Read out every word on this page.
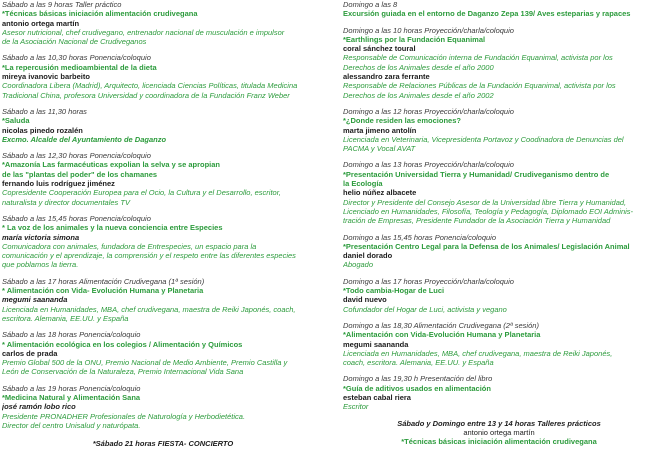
Sábado a las 9 horas Taller práctico
*Técnicas básicas iniciación alimentación crudivegana
antonio ortega martín
Asesor nutricional, chef crudivegano, entrenador nacional de musculación e impulsor
de la Asociación Nacional de Crudiveganos
Sábado a las 10,30 horas Ponencia/coloquio
*La repercusión medioambiental de la dieta
mireya ivanovic barbeito
Coordinadora Libera (Madrid), Arquitecto, licenciada Ciencias Políticas, titulada Medicina
Tradicional China, profesora Universidad y coordinadora de la Fundación Franz Weber
Sábado a las 11,30 horas
*Saluda
nicolas pinedo rozalén
Excmo. Alcalde del Ayuntamiento de Daganzo
Sábado a las 12,30 horas Ponencia/coloquio
*Amazonía Las farmacéuticas expolian la selva y se apropian
de las "plantas del poder" de los chamanes
fernando luis rodríguez jiménez
Copresidente Cooperación Europea para el Ocio, la Cultura y el Desarrollo, escritor,
naturalista y director documentales TV
Sábado a las 15,45 horas Ponencia/coloquio
* La voz de los animales y la nueva conciencia entre Especies
maría victoria simona
Comunicadora con animales, fundadora de Entrespecies, un espacio para la
comunicación y el aprendizaje, la comprensión y el respeto entre las diferentes especies
que poblamos la tierra.
Sábado a las 17 horas Alimentación Crudivegana (1ª sesión)
* Alimentación con Vida- Evolución Humana y Planetaria
megumi saananda
Licenciada en Humanidades, MBA, chef crudivegana, maestra de Reiki Japonés, coach,
escritora. Alemania, EE.UU. y España
Sábado a las 18 horas Ponencia/coloquio
* Alimentación ecológica en los colegios / Alimentación y Químicos
carlos de prada
Premio Global 500 de la ONU, Premio Nacional de Medio Ambiente, Premio Castilla y
León de Conservación de la Naturaleza, Premio Internacional Vida Sana
Sábado a las 19 horas Ponencia/coloquio
*Medicina Natural y Alimentación Sana
josé ramón lobo rico
Presidente PRONADHER Profesionales de Naturología y Herbodietética.
Director del centro Unisalud y naturópata.
*Sábado 21 horas FIESTA- CONCIERTO
Domingo a las 8
Excursión guiada en el entorno de Daganzo Zepa 139/ Aves esteparias y rapaces
Domingo a las 10 horas Proyección/charla/coloquio
*Earthlings por la Fundación Equanimal
coral sánchez toural
Responsable de Comunicación interna de Fundación Equanimal, activista por los
Derechos de los Animales desde el año 2000
alessandro zara ferrante
Responsable de Relaciones Públicas de la Fundación Equanimal, activista por los
Derechos de los Animales desde el año 2002
Domingo a las 12 horas Proyección/charla/coloquio
*¿Donde residen las emociones?
marta jimeno antolín
Licenciada en Veterinaria, Vicepresidenta Portavoz y Coodinadora de Denuncias del
PACMA y Vocal AVAT
Domingo a las 13 horas Proyección/charla/coloquio
*Presentación Universidad Tierra y Humanidad/ Crudiveganismo dentro de
la Ecología
helio núñez albacete
Director y Presidente del Consejo Asesor de la Universidad libre Tierra y Humanidad,
Licenciado en Humanidades, Filosofía, Teología y Pedagogía, Diplomado EOI Adminis-
tración de Empresas, Presidente Fundador de la Asociación Tierra y Humanidad
Domingo a las 15,45 horas Ponencia/coloquio
*Presentación Centro Legal para la Defensa de los Animales/ Legislación Animal
daniel dorado
Abogado
Domingo a las 17 horas Proyección/charla/coloquio
*Todo cambia-Hogar de Luci
david nuevo
Cofundador del Hogar de Luci, activista y vegano
Domingo a las 18,30 Alimentación Crudivegana (2ª sesión)
*Alimentación con Vida-Evolución Humana y Planetaria
megumi saananda
Licenciada en Humanidades, MBA, chef crudivegana, maestra de Reiki Japonés,
coach, escritora. Alemania, EE.UU. y España
Domingo a las 19,30 h Presentación del libro
*Guía de aditivos usados en alimentación
esteban cabal riera
Escritor
Sábado y Domingo entre 13 y 14 horas Talleres prácticos
antonio ortega martín
*Técnicas básicas iniciación alimentación crudivegana
